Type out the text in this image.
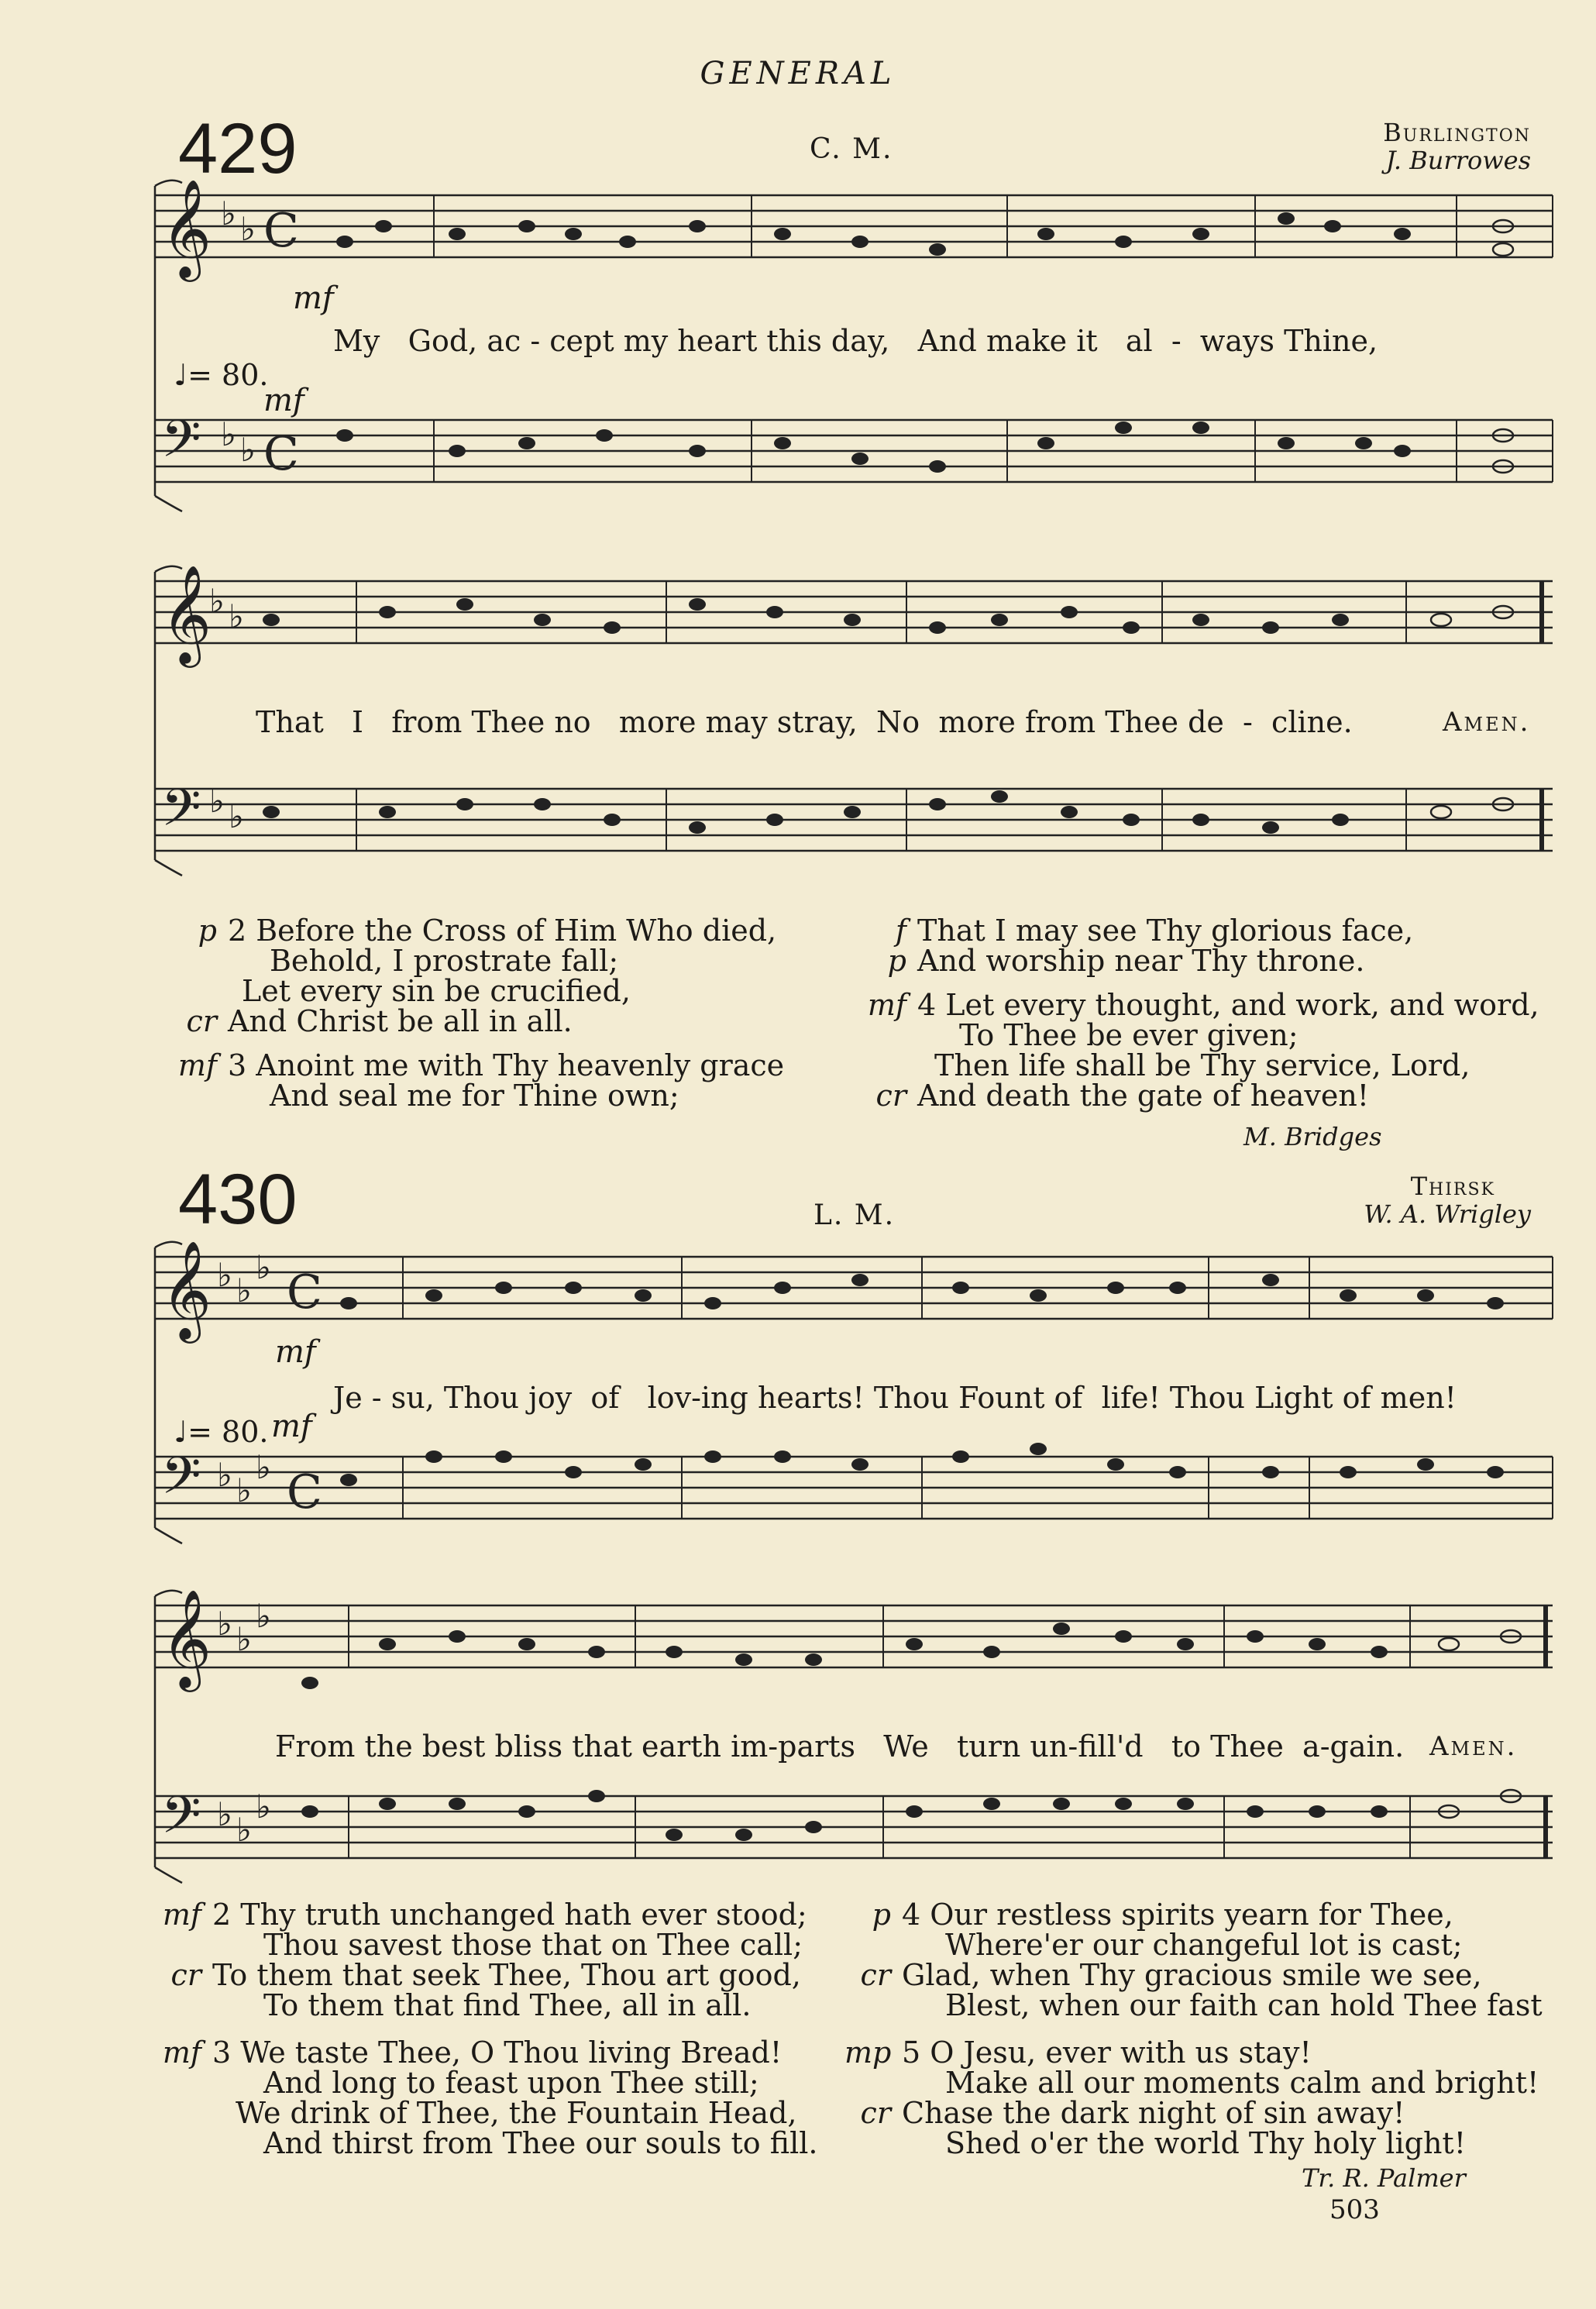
GENERAL
429	C. M.
Burlington
J. Burrowes
mf
mf

♩= 80.

My   God, ac - cept my heart this day,   And make it   al  -  ways Thine,
That   I   from Thee no   more may stray,  No  more from Thee de  -  cline.	Amen.
𝄞
𝄢
𝄞
𝄢
♭ ♭
♭ ♭
♭ ♭
♭ ♭
C
C
p 2 Before the Cross of Him Who died,
Behold, I prostrate fall;
Let every sin be crucified,
cr And Christ be all in all.
mf 3 Anoint me with Thy heavenly grace
And seal me for Thine own;
f That I may see Thy glorious face,
p And worship near Thy throne.
mf 4 Let every thought, and work, and word,
To Thee be ever given;
Then life shall be Thy service, Lord,
cr And death the gate of heaven!
M. Bridges
430	L. M.
Thirsk
W. A. Wrigley
mf
mf

♩= 80.

Je - su, Thou joy  of   lov-ing hearts! Thou Fount of  life! Thou Light of men!
From the best bliss that earth im-parts   We   turn un-fill'd   to Thee  a-gain. Amen.
𝄞
𝄢
𝄞
𝄢
♭ ♭
♭
♭ ♭
♭
♭ ♭
♭
♭ ♭
♭
C
C
mf 2 Thy truth unchanged hath ever stood;
Thou savest those that on Thee call;
cr To them that seek Thee, Thou art good,
To them that find Thee, all in all.
mf 3 We taste Thee, O Thou living Bread!
And long to feast upon Thee still;
We drink of Thee, the Fountain Head,
And thirst from Thee our souls to fill.
p 4 Our restless spirits yearn for Thee,
Where'er our changeful lot is cast;
cr Glad, when Thy gracious smile we see,
Blest, when our faith can hold Thee fast
mp 5 O Jesu, ever with us stay!
Make all our moments calm and bright!
cr Chase the dark night of sin away!
Shed o'er the world Thy holy light!
Tr. R. Palmer
503
